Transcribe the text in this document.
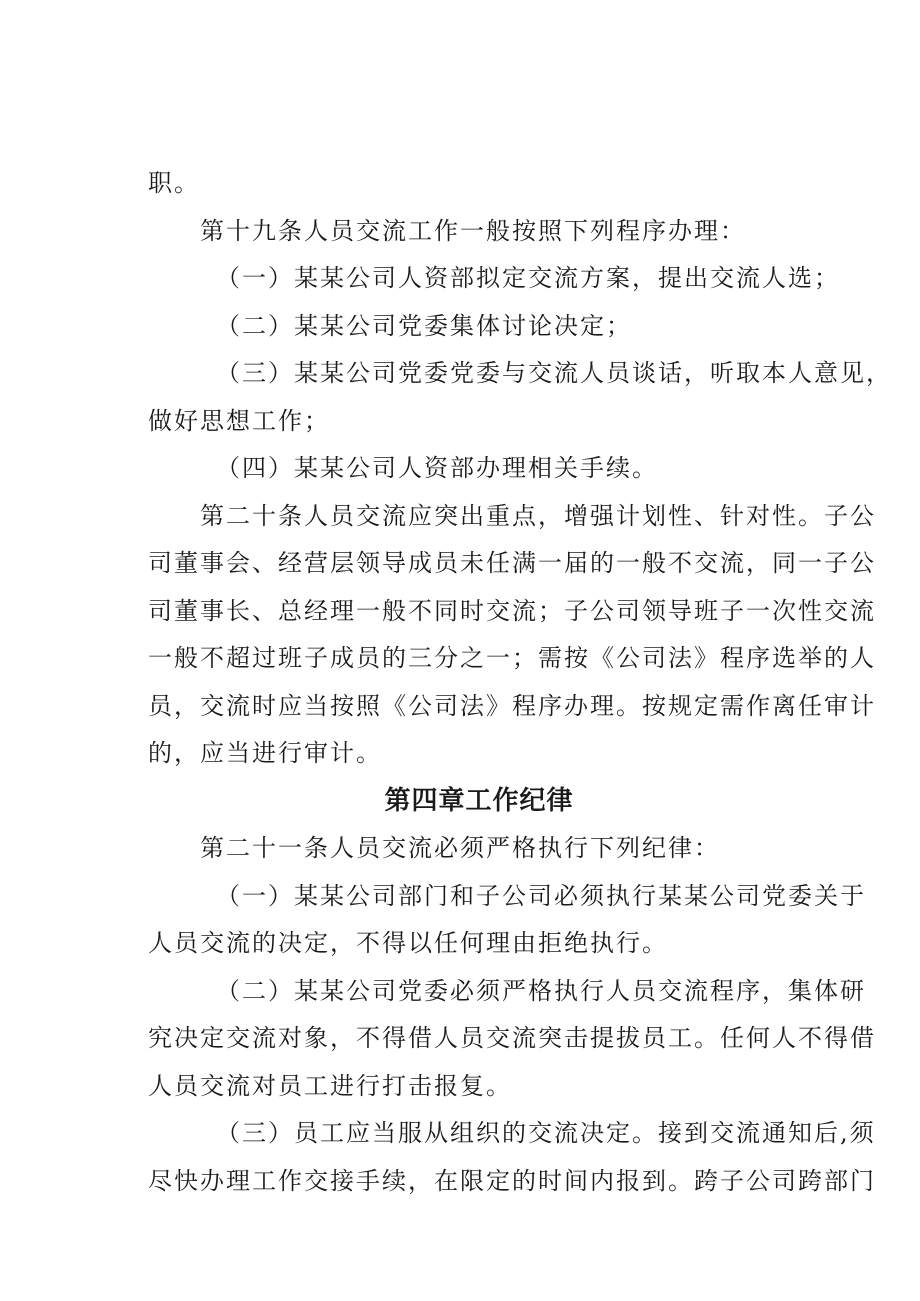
职。
第十九条人员交流工作一般按照下列程序办理：
（一）某某公司人资部拟定交流方案，提出交流人选；
（二）某某公司党委集体讨论决定；
（三）某某公司党委党委与交流人员谈话，听取本人意见，
做好思想工作；
（四）某某公司人资部办理相关手续。
第二十条人员交流应突出重点，增强计划性、针对性。子公
司董事会、经营层领导成员未任满一届的一般不交流，同一子公
司董事长、总经理一般不同时交流；子公司领导班子一次性交流
一般不超过班子成员的三分之一；需按《公司法》程序选举的人
员，交流时应当按照《公司法》程序办理。按规定需作离任审计
的，应当进行审计。
第四章工作纪律
第二十一条人员交流必须严格执行下列纪律：
（一）某某公司部门和子公司必须执行某某公司党委关于
人员交流的决定，不得以任何理由拒绝执行。
（二）某某公司党委必须严格执行人员交流程序，集体研
究决定交流对象，不得借人员交流突击提拔员工。任何人不得借
人员交流对员工进行打击报复。
（三）员工应当服从组织的交流决定。接到交流通知后,须
尽快办理工作交接手续，在限定的时间内报到。跨子公司跨部门
